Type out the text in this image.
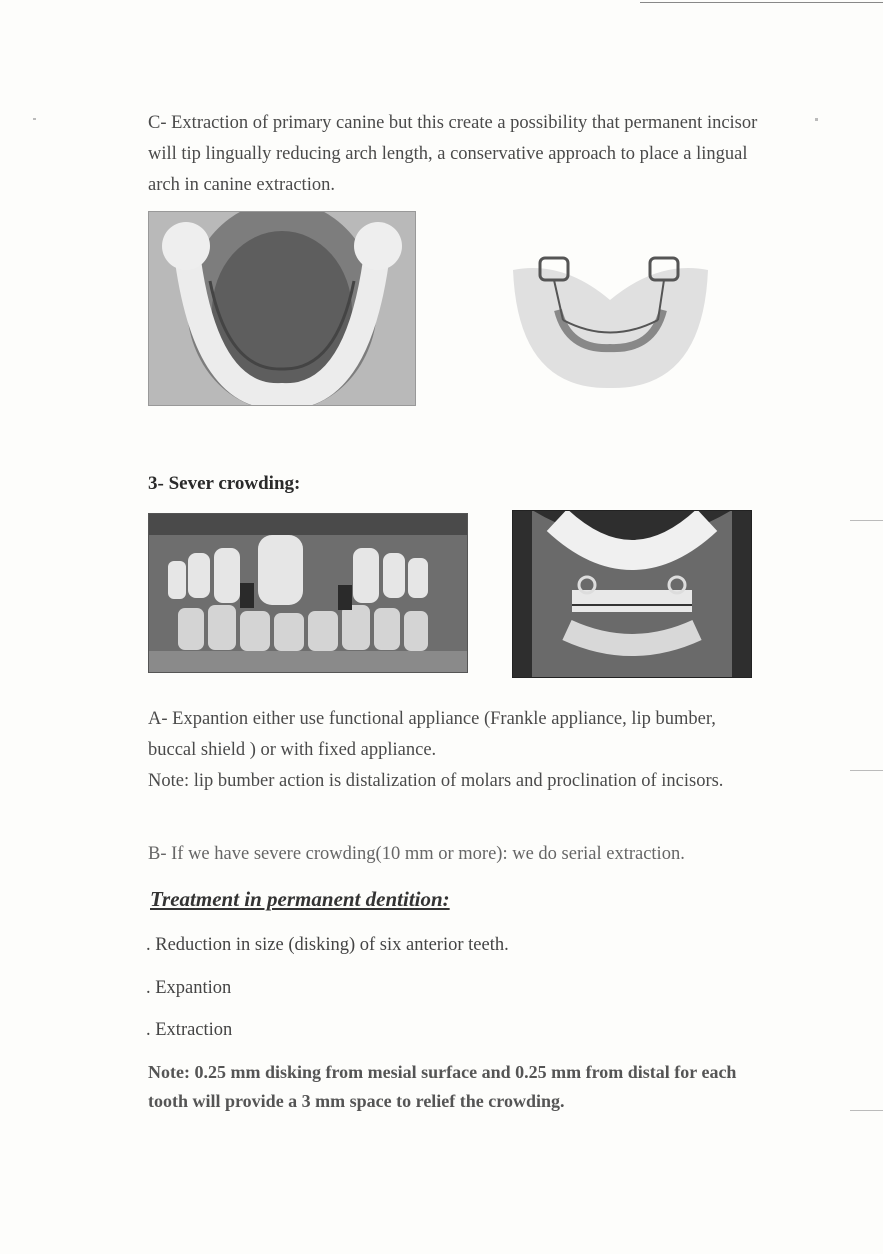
C- Extraction of primary canine but this create a possibility that permanent incisor will tip lingually reducing arch length, a conservative approach to place a lingual arch in canine extraction.

3- Sever crowding:

A- Expantion either use functional appliance (Frankle appliance, lip bumber, buccal shield ) or with fixed appliance.

Note: lip bumber action is distalization of molars and proclination of incisors.

B- If we have severe crowding(10 mm or more): we do serial extraction.

Treatment in permanent dentition:
. Reduction in size (disking) of six anterior teeth.
. Expantion
. Extraction

Note: 0.25 mm disking from mesial surface and 0.25 mm from distal for each tooth will provide a 3 mm space to relief the crowding.
